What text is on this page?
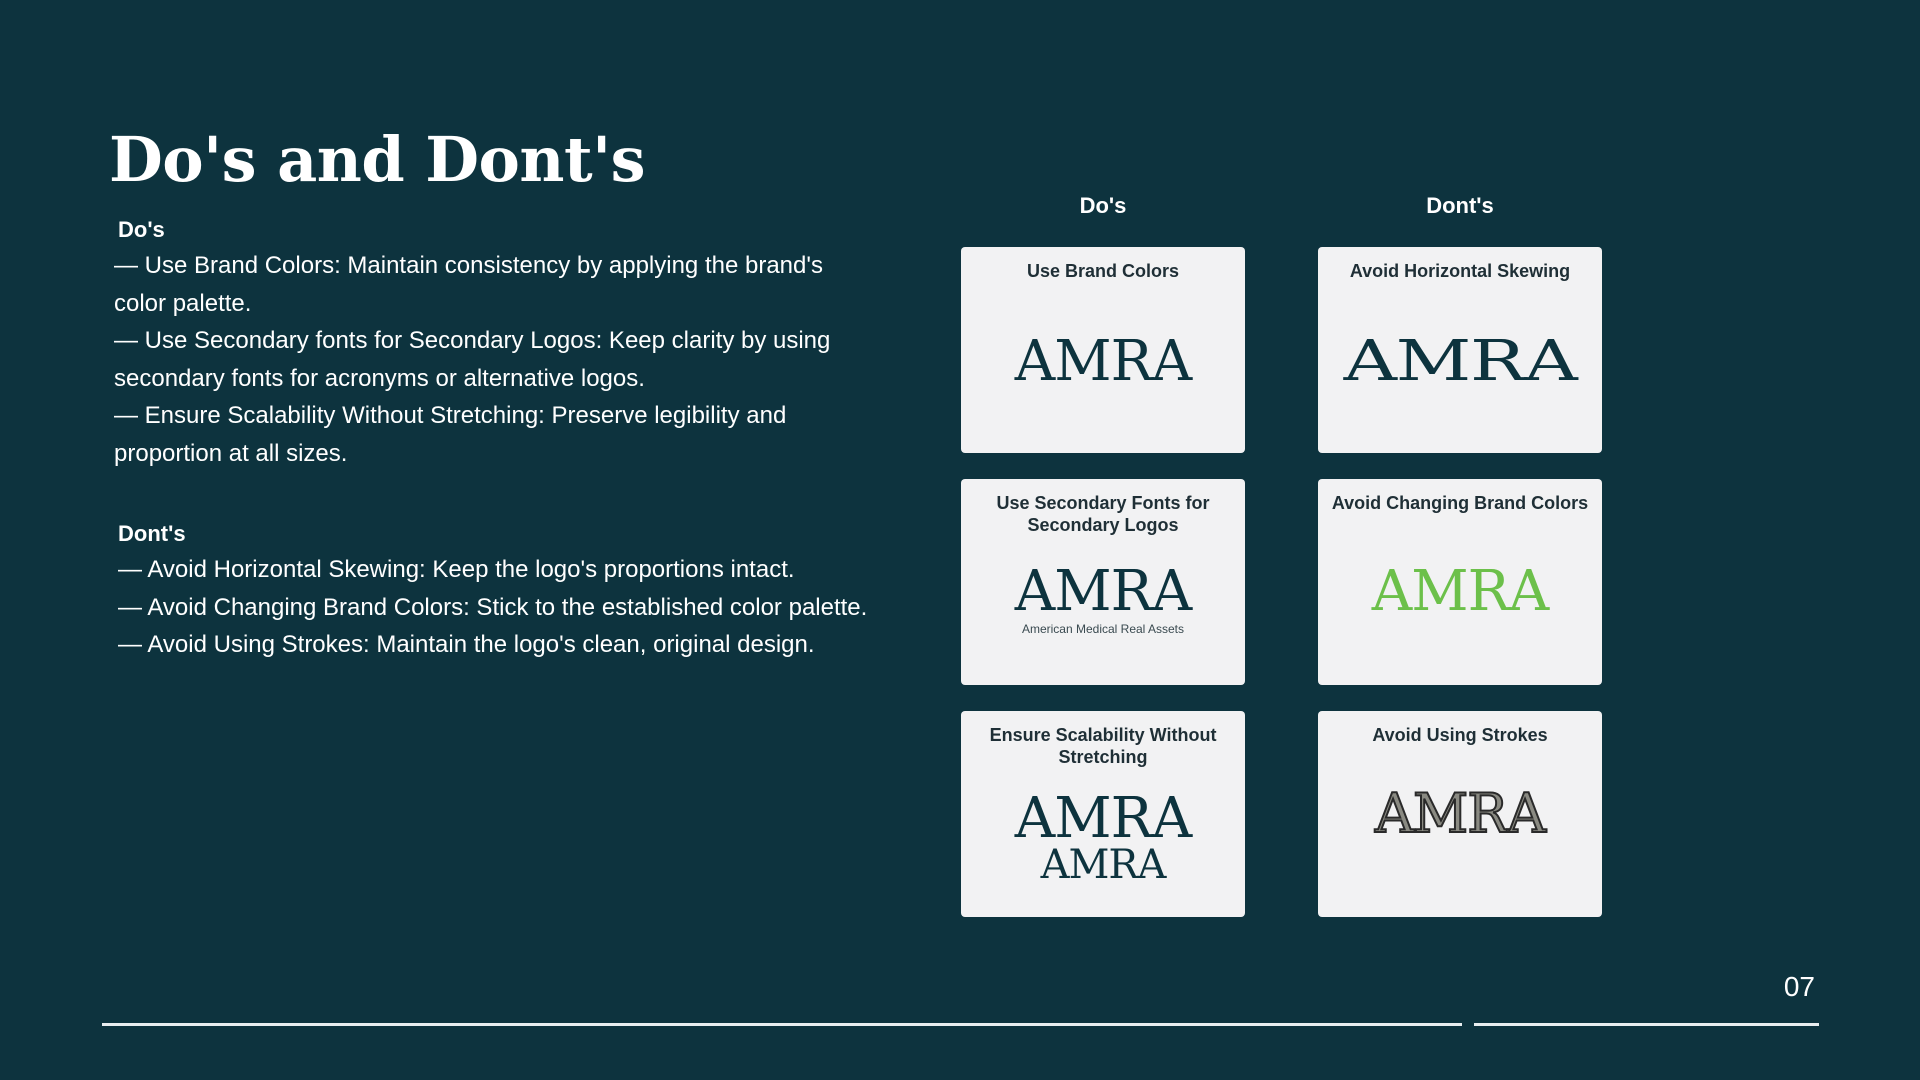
Do's and Dont's
Do's
— Use Brand Colors: Maintain consistency by applying the brand's color palette.
— Use Secondary fonts for Secondary Logos: Keep clarity by using secondary fonts for acronyms or alternative logos.
— Ensure Scalability Without Stretching: Preserve legibility and proportion at all sizes.
Dont's
— Avoid Horizontal Skewing: Keep the logo's proportions intact.
— Avoid Changing Brand Colors: Stick to the established color palette.
— Avoid Using Strokes: Maintain the logo's clean, original design.
Do's	Dont's
Use Brand Colors
AMRA
Use Secondary Fonts for Secondary Logos
AMRA
American Medical Real Assets
Ensure Scalability Without Stretching
AMRA
AMRA
Avoid Horizontal Skewing
AMRA
Avoid Changing Brand Colors
AMRA
Avoid Using Strokes
AMRA
07
